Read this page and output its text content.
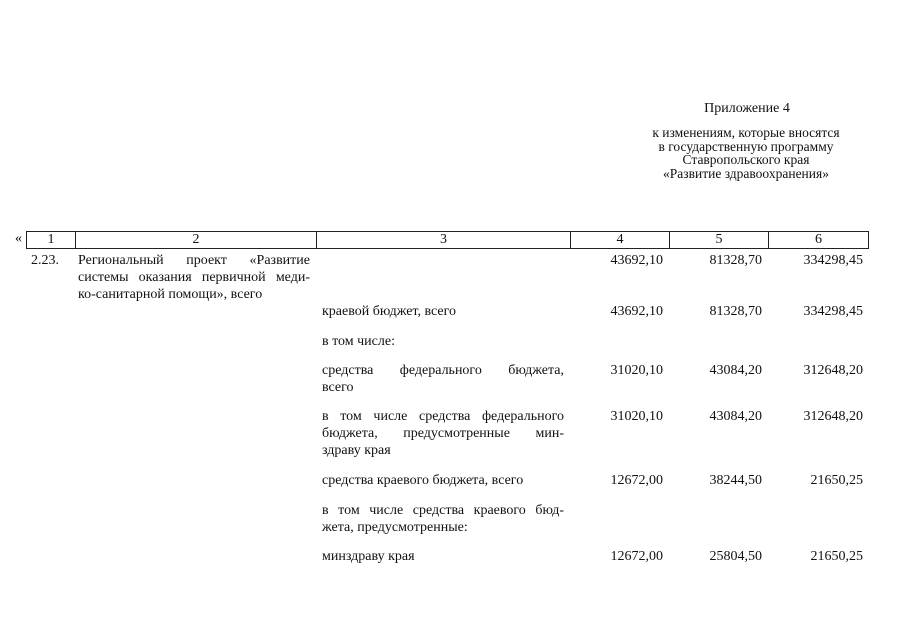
Приложение 4
к изменениям, которые вносятся
в государственную программу
Ставропольского края
«Развитие здравоохранения»
«	1	2	3	4	5	6
2.23. Региональный проект «Развитие
системы оказания первичной меди-
ко-санитарной помощи», всего
43692,10	81328,70	334298,45
краевой бюджет, всего	43692,10	81328,70	334298,45
в том числе:
средства федерального бюджета,
всего
31020,10	43084,20	312648,20
в том числе средства федерального
бюджета, предусмотренные мин-
здраву края
31020,10	43084,20	312648,20
средства краевого бюджета, всего	12672,00	38244,50	21650,25
в том числе средства краевого бюд-
жета, предусмотренные:
минздраву края	12672,00	25804,50	21650,25
